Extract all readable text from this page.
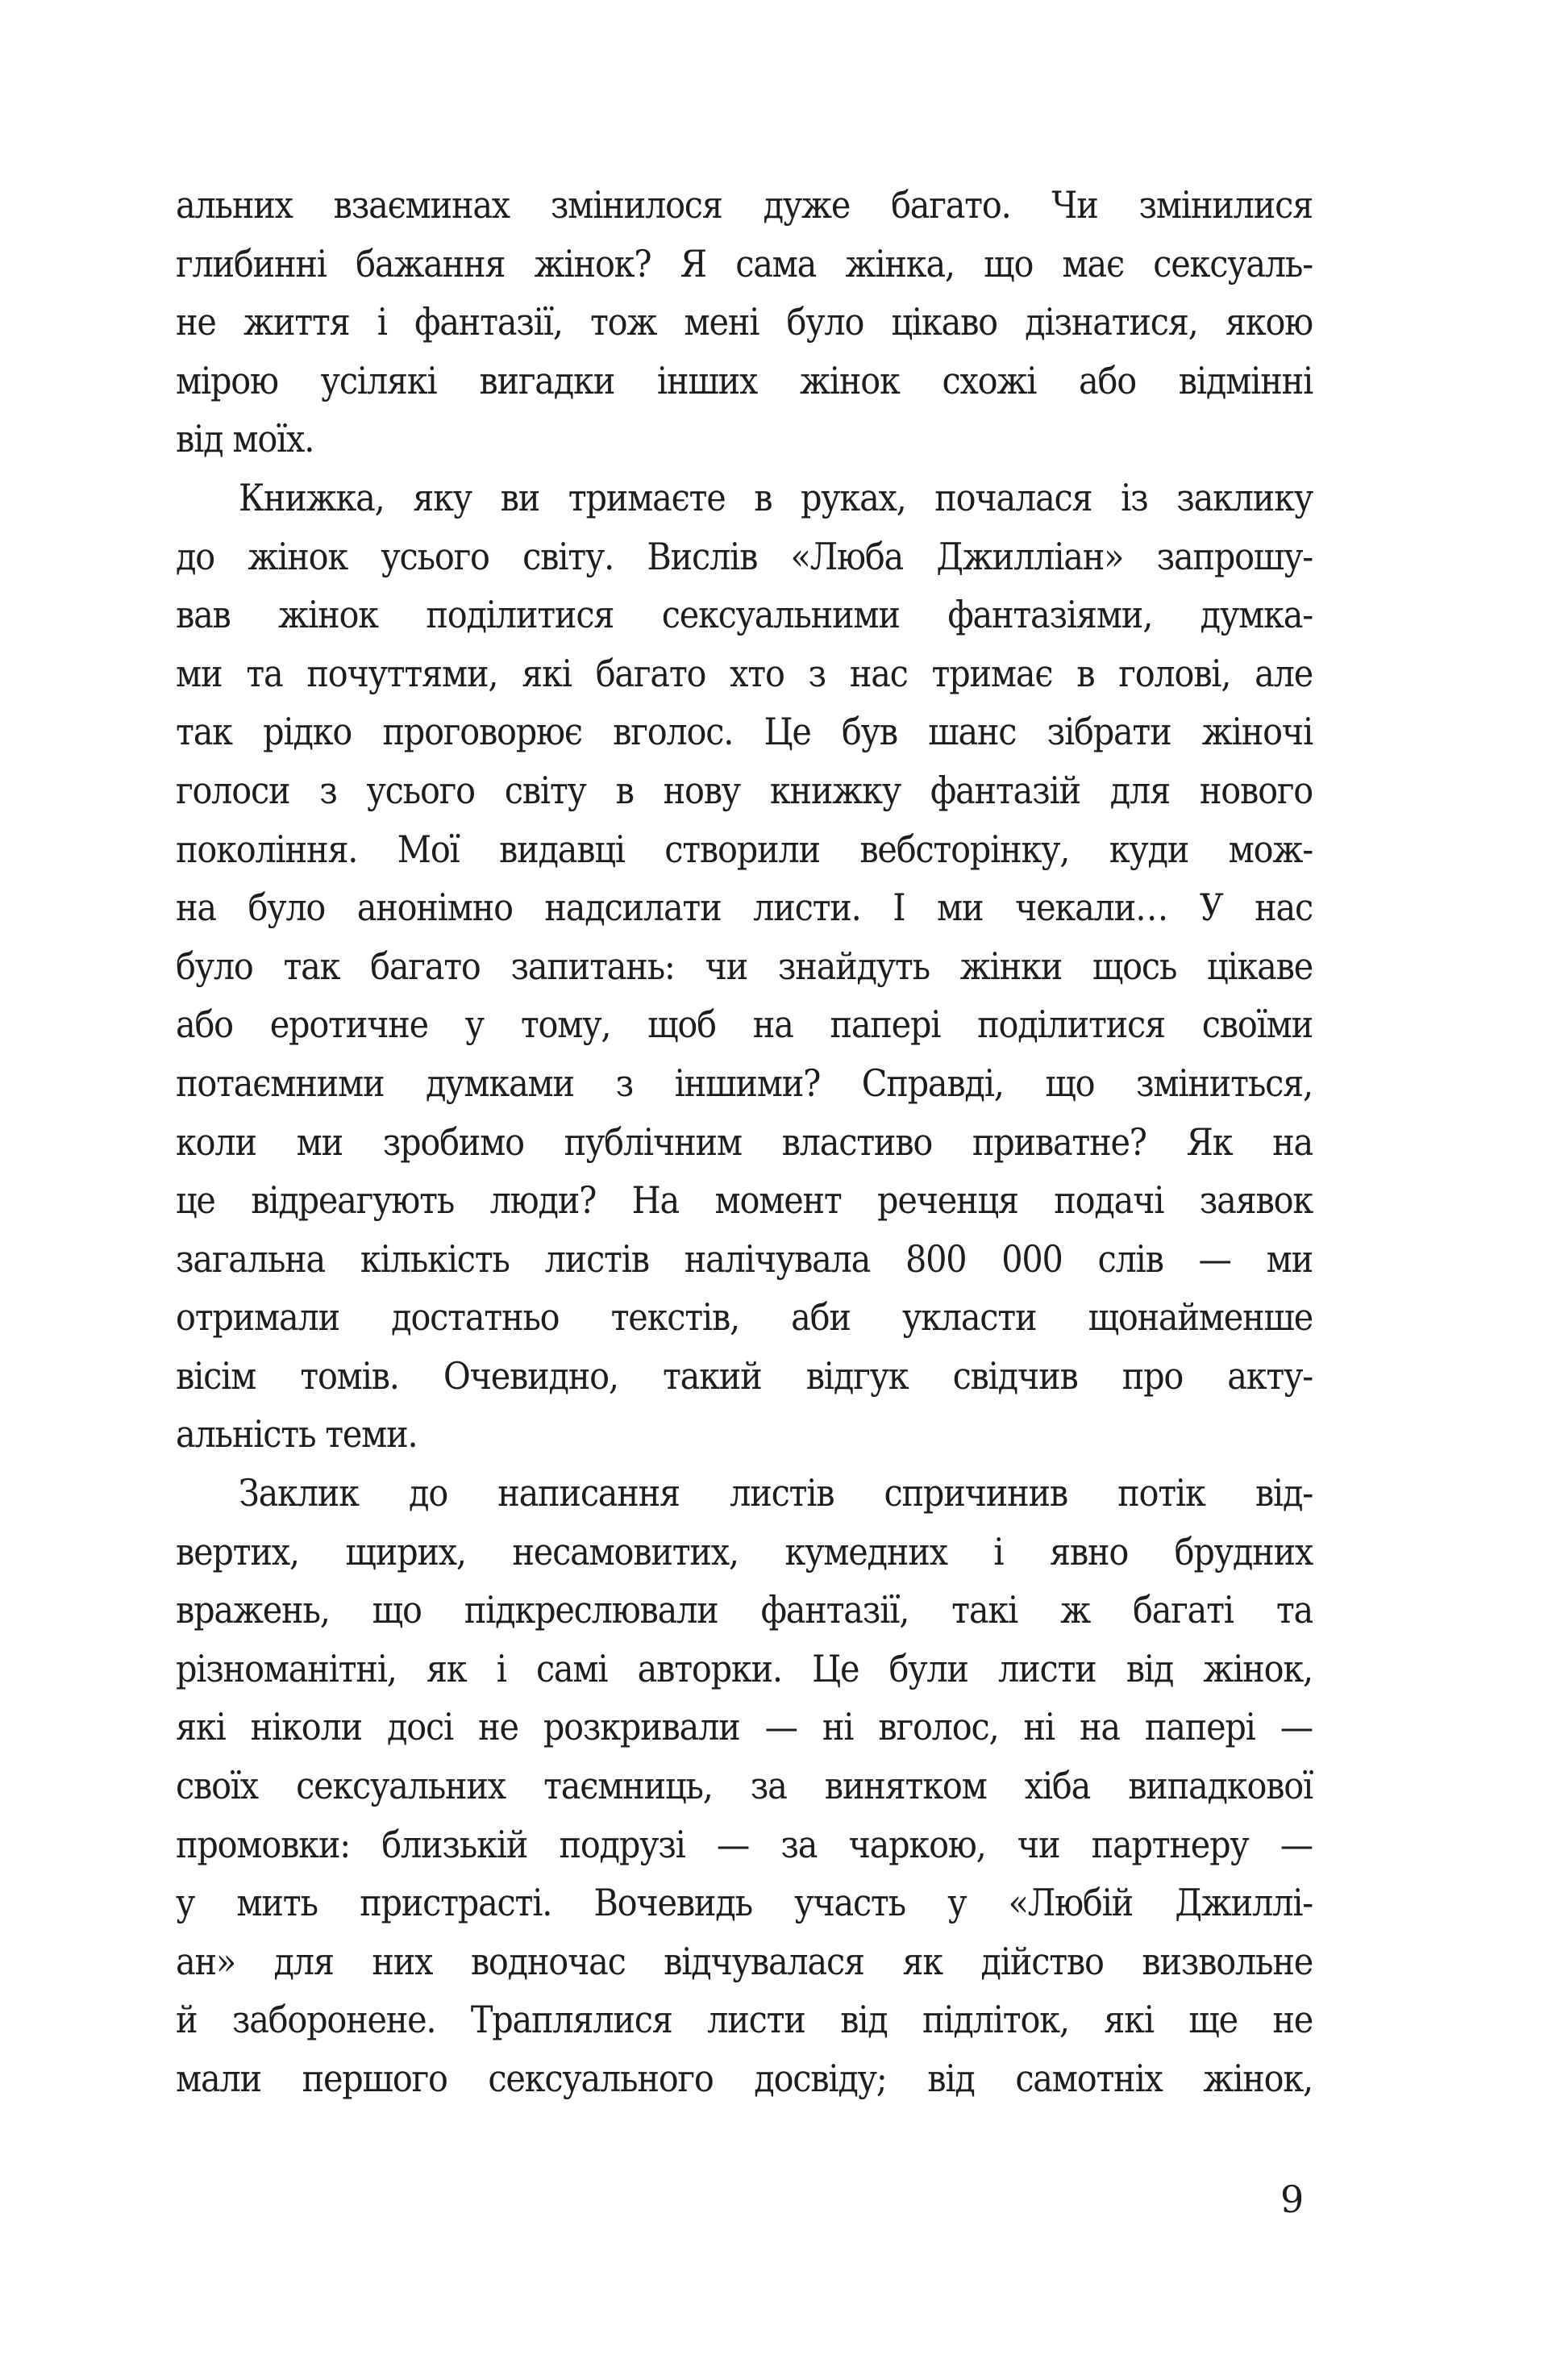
альних взаєминах змінилося дуже багато. Чи змінилися
глибинні бажання жінок? Я сама жінка, що має сексуаль-
не життя і фантазії, тож мені було цікаво дізнатися, якою
мірою усілякі вигадки інших жінок схожі або відмінні
від моїх.
Книжка, яку ви тримаєте в руках, почалася із заклику
до жінок усього світу. Вислів «Люба Джилліан» запрошу-
вав жінок поділитися сексуальними фантазіями, думка-
ми та почуттями, які багато хто з нас тримає в голові, але
так рідко проговорює вголос. Це був шанс зібрати жіночі
голоси з усього світу в нову книжку фантазій для нового
покоління. Мої видавці створили вебсторінку, куди мож-
на було анонімно надсилати листи. І ми чекали… У нас
було так багато запитань: чи знайдуть жінки щось цікаве
або еротичне у тому, щоб на папері поділитися своїми
потаємними думками з іншими? Справді, що зміниться,
коли ми зробимо публічним властиво приватне? Як на
це відреагують люди? На момент реченця подачі заявок
загальна кількість листів налічувала 800 000 слів — ми
отримали достатньо текстів, аби укласти щонайменше
вісім томів. Очевидно, такий відгук свідчив про акту-
альність теми.
Заклик до написання листів спричинив потік від-
вертих, щирих, несамовитих, кумедних і явно брудних
вражень, що підкреслювали фантазії, такі ж багаті та
різноманітні, як і самі авторки. Це були листи від жінок,
які ніколи досі не розкривали — ні вголос, ні на папері —
своїх сексуальних таємниць, за винятком хіба випадкової
промовки: близькій подрузі — за чаркою, чи партнеру —
у мить пристрасті. Вочевидь участь у «Любій Джиллі-
ан» для них водночас відчувалася як дійство визвольне
й заборонене. Траплялися листи від підліток, які ще не
мали першого сексуального досвіду; від самотніх жінок,
9
